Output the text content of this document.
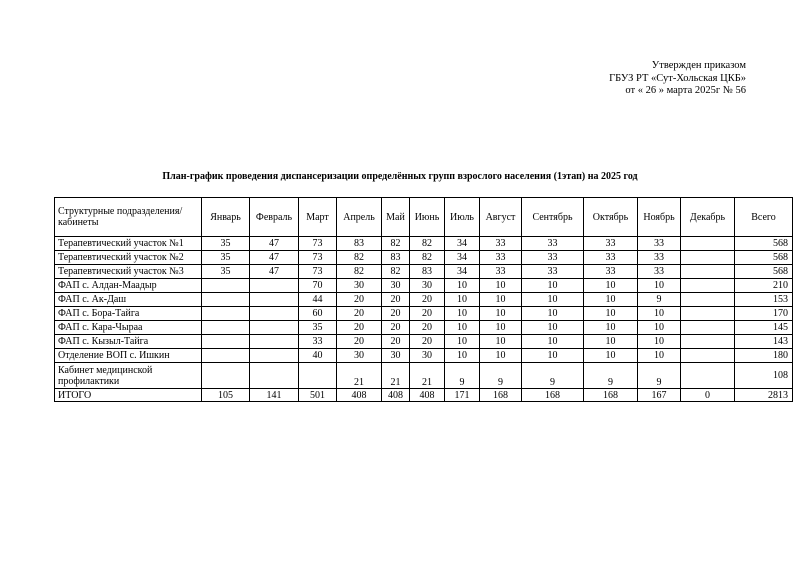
Утвержден приказом
ГБУЗ РТ «Сут-Хольская ЦКБ»
от « 26 » марта 2025г № 56
План-график проведения диспансеризации определённых групп взрослого населения (1этап) на 2025 год
Структурные подразделения/ кабинеты	Январь	Февраль	Март	Апрель	Май	Июнь	Июль	Август	Сентябрь	Октябрь	Ноябрь	Декабрь	Всего
Терапевтический участок №1	35	47	73	83	82	82	34	33	33	33	33		568
Терапевтический участок №2	35	47	73	82	83	82	34	33	33	33	33		568
Терапевтический участок №3	35	47	73	82	82	83	34	33	33	33	33		568
ФАП с. Алдан-Маадыр			70	30	30	30	10	10	10	10	10		210
ФАП с. Ак-Даш			44	20	20	20	10	10	10	10	9		153
ФАП с. Бора-Тайга			60	20	20	20	10	10	10	10	10		170
ФАП с. Кара-Чыраа			35	20	20	20	10	10	10	10	10		145
ФАП с. Кызыл-Тайга			33	20	20	20	10	10	10	10	10		143
Отделение ВОП с. Ишкин			40	30	30	30	10	10	10	10	10		180
Кабинет медицинской профилактики				21	21	21	9	9	9	9	9		108
ИТОГО	105	141	501	408	408	408	171	168	168	168	167	0	2813
